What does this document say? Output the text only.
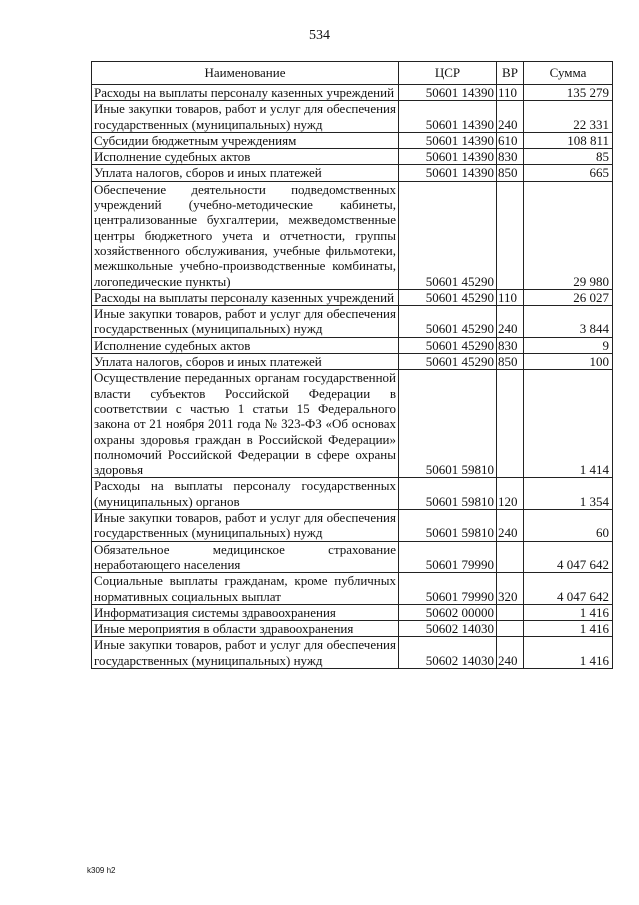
534
Наименование	ЦСР	ВР	Сумма
Расходы на выплаты персоналу казенных учреждений	50601 14390	110	135 279
Иные закупки товаров, работ и услуг для обеспечения государственных (муниципальных) нужд	50601 14390	240	22 331
Субсидии бюджетным учреждениям	50601 14390	610	108 811
Исполнение судебных актов	50601 14390	830	85
Уплата налогов, сборов и иных платежей	50601 14390	850	665
Обеспечение деятельности подведомственных учреждений (учебно-методические кабинеты, централизованные бухгалтерии, межведомственные центры бюджетного учета и отчетности, группы хозяйственного обслуживания, учебные фильмотеки, межшкольные учебно-производственные комбинаты, логопедические пункты)	50601 45290		29 980
Расходы на выплаты персоналу казенных учреждений	50601 45290	110	26 027
Иные закупки товаров, работ и услуг для обеспечения государственных (муниципальных) нужд	50601 45290	240	3 844
Исполнение судебных актов	50601 45290	830	9
Уплата налогов, сборов и иных платежей	50601 45290	850	100
Осуществление переданных органам государственной власти субъектов Российской Федерации в соответствии с частью 1 статьи 15 Федерального закона от 21 ноября 2011 года № 323-ФЗ «Об основах охраны здоровья граждан в Российской Федерации» полномочий Российской Федерации в сфере охраны здоровья	50601 59810		1 414
Расходы на выплаты персоналу государственных (муниципальных) органов	50601 59810	120	1 354
Иные закупки товаров, работ и услуг для обеспечения государственных (муниципальных) нужд	50601 59810	240	60
Обязательное медицинское страхование неработающего населения	50601 79990		4 047 642
Социальные выплаты гражданам, кроме публичных нормативных социальных выплат	50601 79990	320	4 047 642
Информатизация системы здравоохранения	50602 00000		1 416
Иные мероприятия в области здравоохранения	50602 14030		1 416
Иные закупки товаров, работ и услуг для обеспечения государственных (муниципальных) нужд	50602 14030	240	1 416
k309 h2
